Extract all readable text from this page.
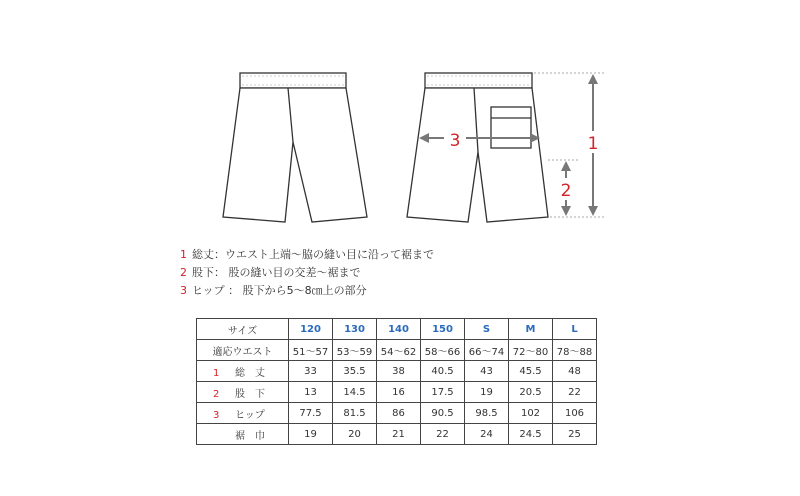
3	1
2
1 総丈：ウエスト上端〜脇の縫い目に沿って裾まで
2 股下： 股の縫い目の交差〜裾まで
3 ヒップ ： 股下から5〜8㎝上の部分
サイズ	120	130	140	150	S	M	L
適応ウエスト	51〜57	53〜59	54〜62	58〜66	66〜74	72〜80	78〜88
1 総　丈	33	35.5	38	40.5	43	45.5	48
2 股　下	13	14.5	16	17.5	19	20.5	22
3 ヒップ	77.5	81.5	86	90.5	98.5	102	106
裾　巾	19	20	21	22	24	24.5	25
